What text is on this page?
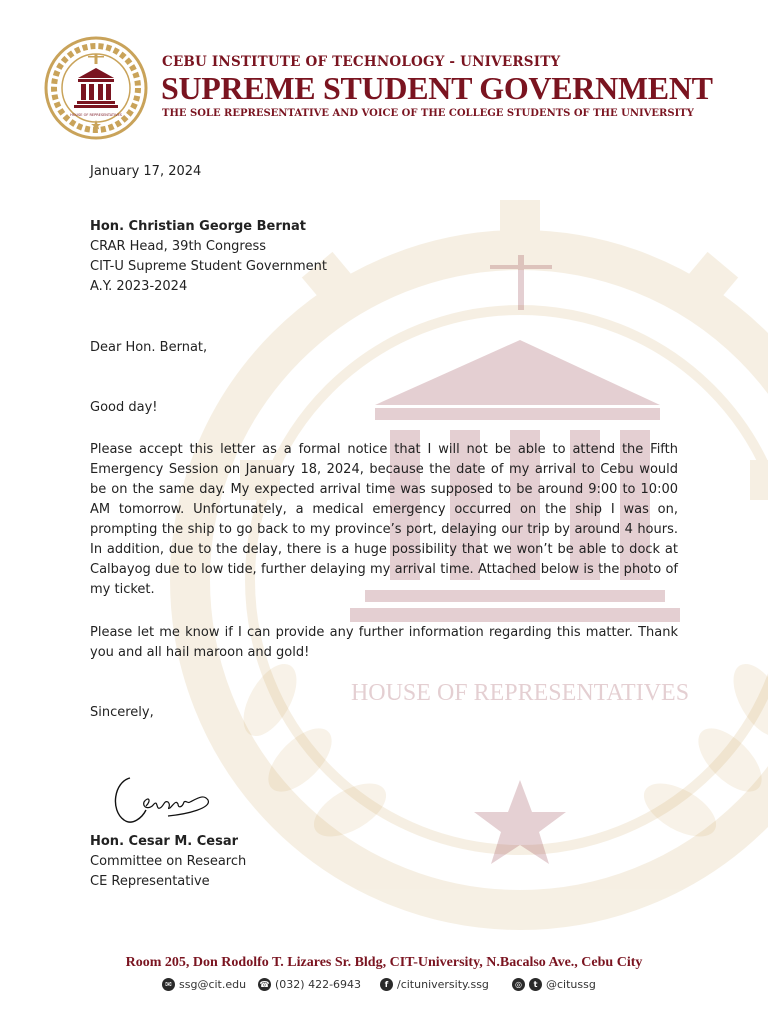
HOUSE OF REPRESENTATIVES
HOUSE OF REPRESENTATIVES
CEBU INSTITUTE OF TECHNOLOGY - UNIVERSITY
SUPREME STUDENT GOVERNMENT
THE SOLE REPRESENTATIVE AND VOICE OF THE COLLEGE STUDENTS OF THE UNIVERSITY

January 17, 2024

Hon. Christian George Bernat

CRAR Head, 39th Congress

CIT-U Supreme Student Government

A.Y. 2023-2024

Dear Hon. Bernat,

Good day!

Please accept this letter as a formal notice that I will not be able to attend the Fifth Emergency Session on January 18, 2024, because the date of my arrival to Cebu would be on the same day. My expected arrival time was supposed to be around 9:00 to 10:00 AM tomorrow. Unfortunately, a medical emergency occurred on the ship I was on, prompting the ship to go back to my province’s port, delaying our trip by around 4 hours. In addition, due to the delay, there is a huge possibility that we won’t be able to dock at Calbayog due to low tide, further delaying my arrival time. Attached below is the photo of my ticket.

Please let me know if I can provide any further information regarding this matter. Thank you and all hail maroon and gold!

Sincerely,

Hon. Cesar M. Cesar
Committee on Research
CE Representative
Room 205, Don Rodolfo T. Lizares Sr. Bldg, CIT-University, N.Bacalso Ave., Cebu City
✉ ssg@cit.edu ☎ (032) 422-6943	f /cituniversity.ssg	◎	t @citussg
